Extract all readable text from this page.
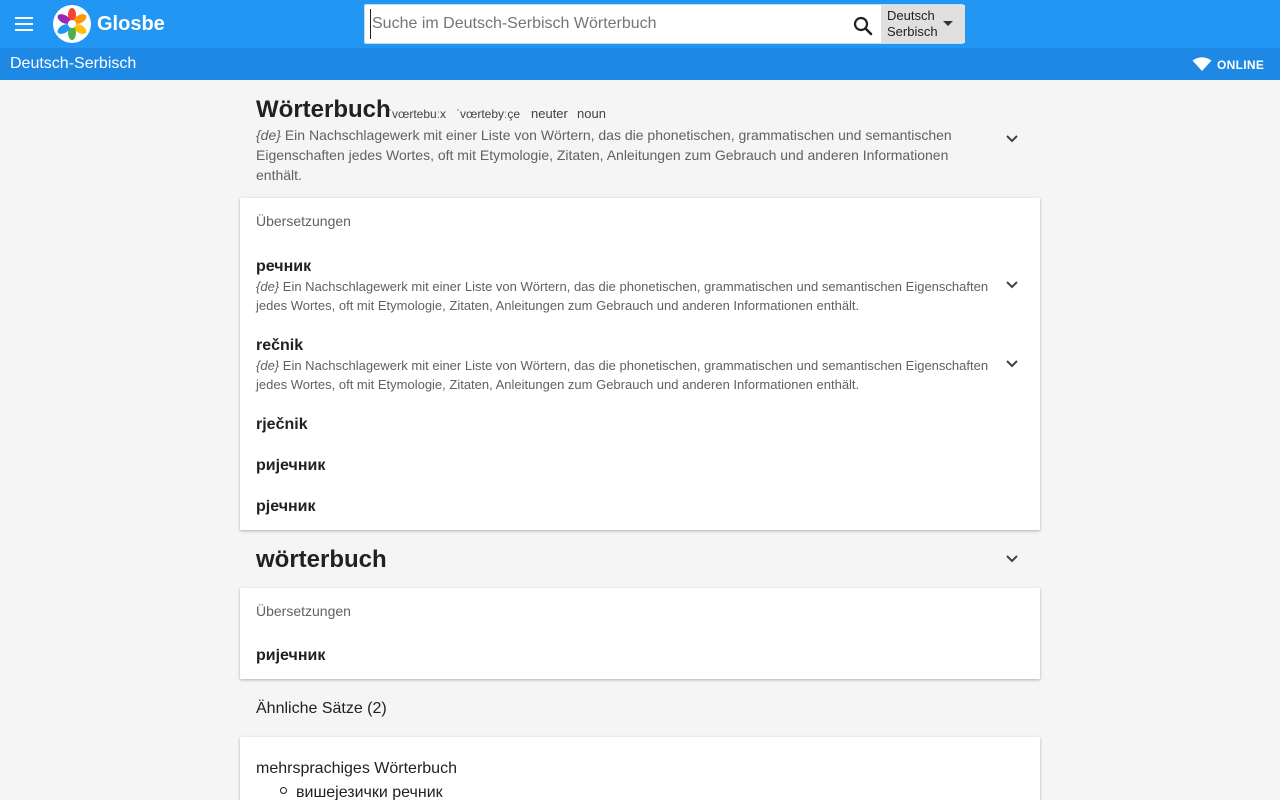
Glosbe
Suche im Deutsch-Serbisch Wörterbuch	Deutsch
Serbisch
Deutsch-Serbisch	ONLINE
Wörterbuch
ˈvœrtebuːx ˈvœrtebyːçe neuter noun
{de} Ein Nachschlagewerk mit einer Liste von Wörtern, das die phonetischen, grammatischen und semantischen Eigenschaften jedes Wortes, oft mit Etymologie, Zitaten, Anleitungen zum Gebrauch und anderen Informationen enthält.
Übersetzungen
речник
{de} Ein Nachschlagewerk mit einer Liste von Wörtern, das die phonetischen, grammatischen und semantischen Eigenschaften jedes Wortes, oft mit Etymologie, Zitaten, Anleitungen zum Gebrauch und anderen Informationen enthält.
rečnik
{de} Ein Nachschlagewerk mit einer Liste von Wörtern, das die phonetischen, grammatischen und semantischen Eigenschaften jedes Wortes, oft mit Etymologie, Zitaten, Anleitungen zum Gebrauch und anderen Informationen enthält.
rječnik
ријечник
рјечник
wörterbuch
Übersetzungen
ријечник
Ähnliche Sätze (2)
mehrsprachiges Wörterbuch
вишејезички речник
